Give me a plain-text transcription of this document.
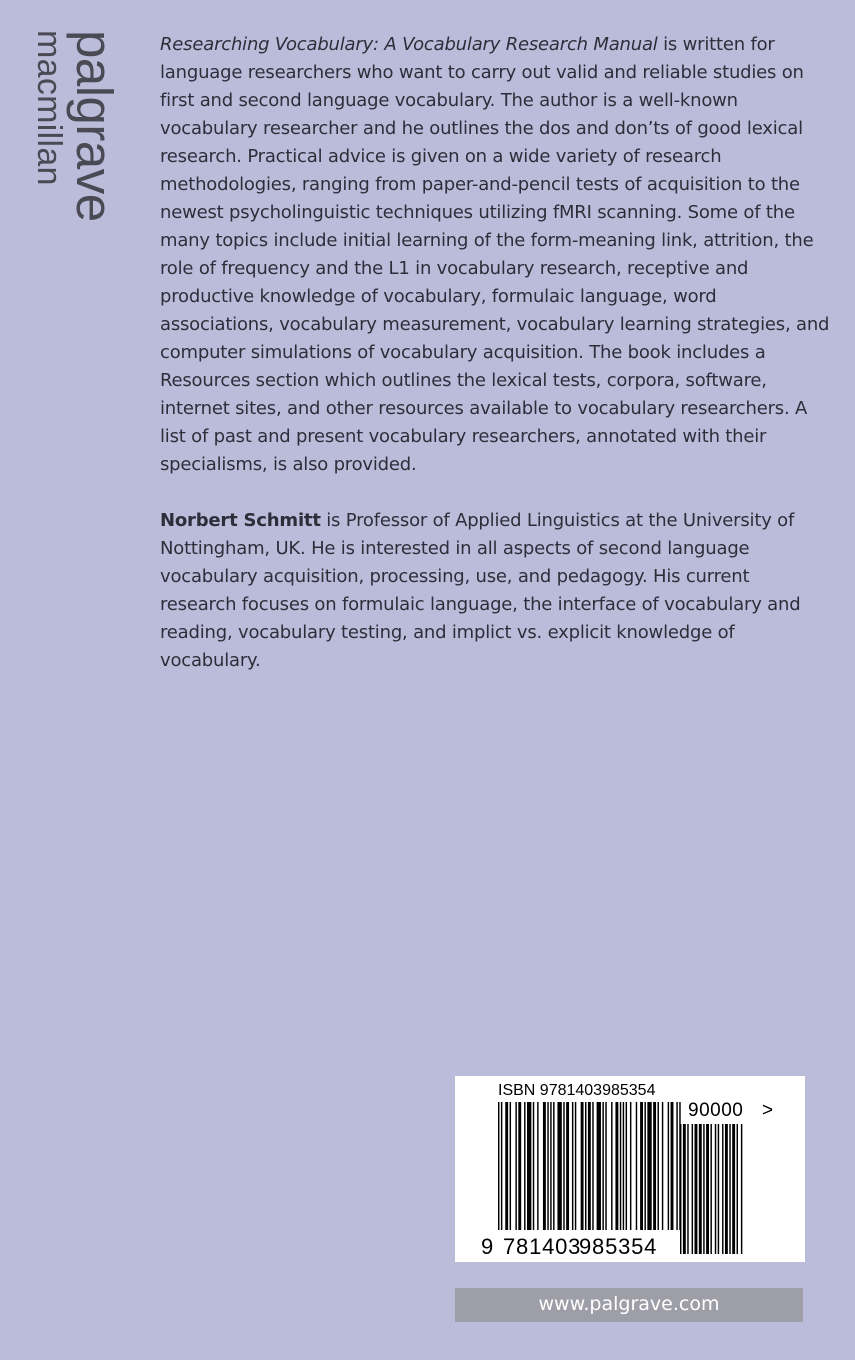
palgrave
macmillan	Researching Vocabulary: A Vocabulary Research Manual is written for language researchers who want to carry out valid and reliable studies on first and second language vocabulary. The author is a well-known vocabulary researcher and he outlines the dos and don’ts of good lexical research. Practical advice is given on a wide variety of research methodologies, ranging from paper-and-pencil tests of acquisition to the newest psycholinguistic techniques utilizing fMRI scanning. Some of the many topics include initial learning of the form-meaning link, attrition, the role of frequency and the L1 in vocabulary research, receptive and productive knowledge of vocabulary, formulaic language, word associations, vocabulary measurement, vocabulary learning strategies, and computer simulations of vocabulary acquisition. The book includes a Resources section which outlines the lexical tests, corpora, software, internet sites, and other resources available to vocabulary researchers. A list of past and present vocabulary researchers, annotated with their specialisms, is also provided.

Norbert Schmitt is Professor of Applied Linguistics at the University of Nottingham, UK. He is interested in all aspects of second language vocabulary acquisition, processing, use, and pedagogy. His current research focuses on formulaic language, the interface of vocabulary and reading, vocabulary testing, and implict vs. explicit knowledge of vocabulary.

ISBN 9781403985354
90000 >
9 781403
985354
www.palgrave.com
